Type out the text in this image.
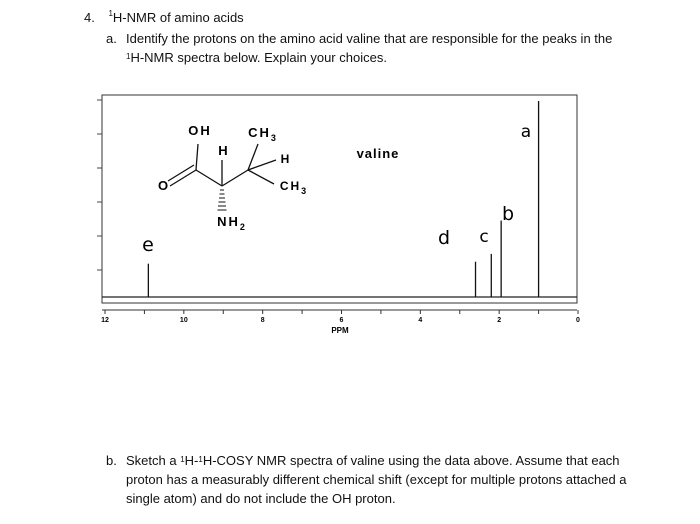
4. $^1$H-NMR of amino acids
a. Identify the protons on the amino acid valine that are responsible for the peaks in the
$^1$H-NMR spectra below. Explain your choices.
12	10	8	6	4	2	0
PPM
OH
O
H
$CH_3$
H
$CH_3$
$NH_2$
valine
e	d c
b
a
b. Sketch a $^1$H-$^1$H-COSY NMR spectra of valine using the data above. Assume that each
proton has a measurably different chemical shift (except for multiple protons attached a
single atom) and do not include the OH proton.
